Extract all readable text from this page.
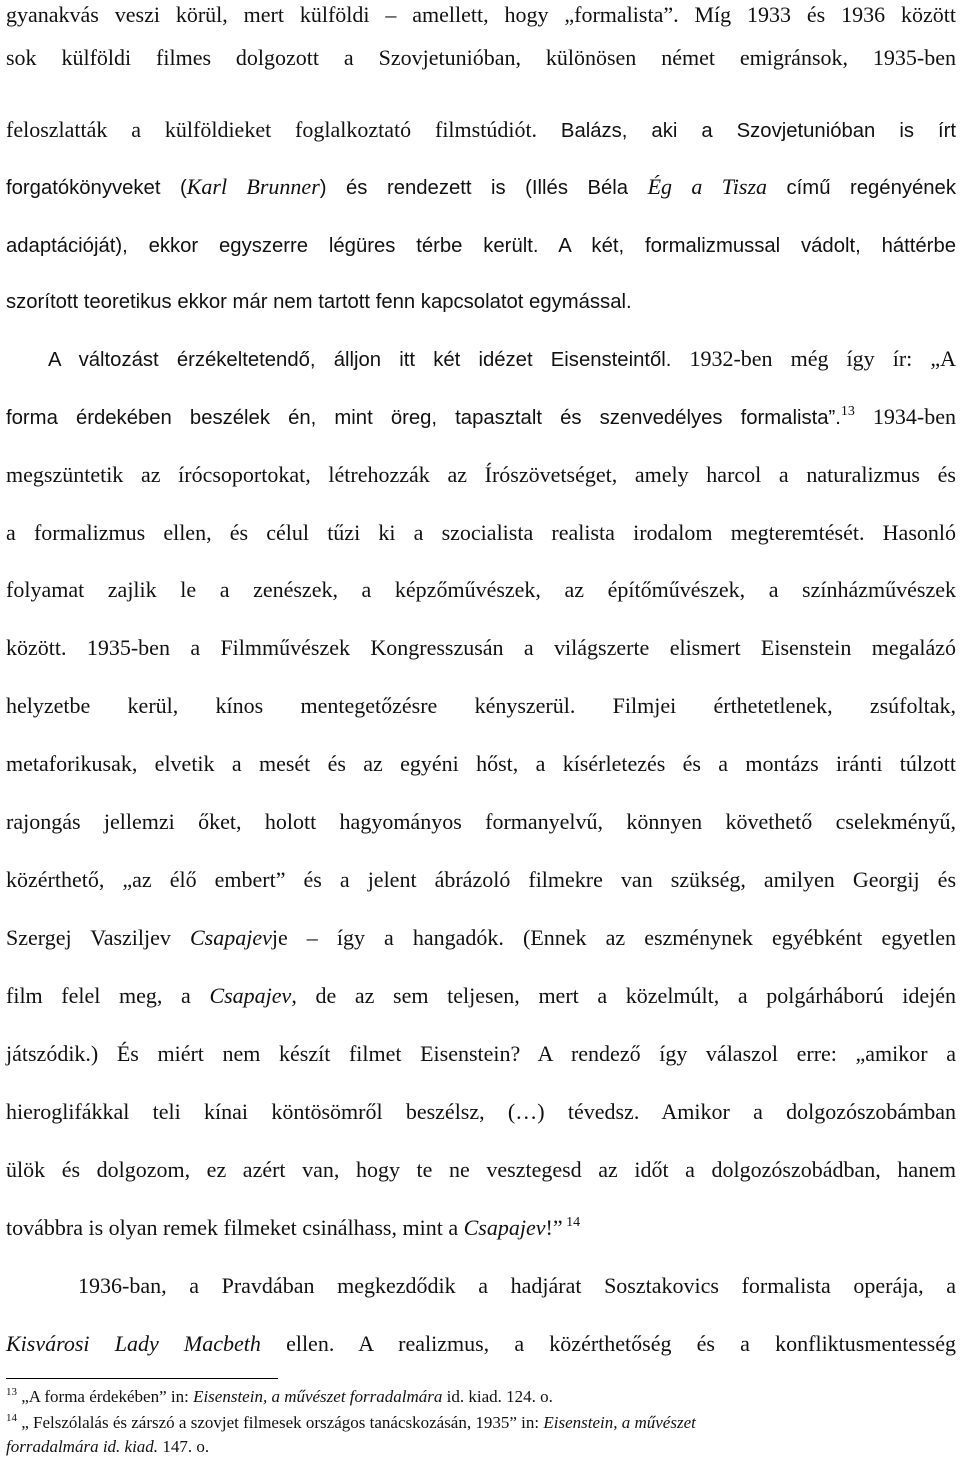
gyanakvás veszi körül, mert külföldi – amellett, hogy „formalista”. Míg 1933 és 1936 között
sok külföldi filmes dolgozott a Szovjetunióban, különösen német emigránsok, 1935-ben
feloszlatták a külföldieket foglalkoztató filmstúdiót. Balázs, aki a Szovjetunióban is írt
forgatókönyveket (Karl Brunner) és rendezett is (Illés Béla Ég a Tisza című regényének
adaptációját), ekkor egyszerre légüres térbe került. A két, formalizmussal vádolt, háttérbe
szorított teoretikus ekkor már nem tartott fenn kapcsolatot egymással.
A változást érzékeltetendő, álljon itt két idézet Eisensteintől. 1932-ben még így ír: „A
forma érdekében beszélek én, mint öreg, tapasztalt és szenvedélyes formalista”.$^{13}$ 1934-ben
megszüntetik az írócsoportokat, létrehozzák az Írószövetséget, amely harcol a naturalizmus és
a formalizmus ellen, és célul tűzi ki a szocialista realista irodalom megteremtését. Hasonló
folyamat zajlik le a zenészek, a képzőművészek, az építőművészek, a színházművészek
között. 1935-ben a Filmművészek Kongresszusán a világszerte elismert Eisenstein megalázó
helyzetbe kerül, kínos mentegetőzésre kényszerül. Filmjei érthetetlenek, zsúfoltak,
metaforikusak, elvetik a mesét és az egyéni hőst, a kísérletezés és a montázs iránti túlzott
rajongás jellemzi őket, holott hagyományos formanyelvű, könnyen követhető cselekményű,
közérthető, „az élő embert” és a jelent ábrázoló filmekre van szükség, amilyen Georgij és
Szergej Vasziljev Csapajevje – így a hangadók. (Ennek az eszménynek egyébként egyetlen
film felel meg, a Csapajev, de az sem teljesen, mert a közelmúlt, a polgárháború idején
játszódik.) És miért nem készít filmet Eisenstein? A rendező így válaszol erre: „amikor a
hieroglifákkal teli kínai köntösömről beszélsz, (…) tévedsz. Amikor a dolgozószobámban
ülök és dolgozom, ez azért van, hogy te ne vesztegesd az időt a dolgozószobádban, hanem
továbbra is olyan remek filmeket csinálhass, mint a Csapajev!” $^{14}$
1936-ban, a Pravdában megkezdődik a hadjárat Sosztakovics formalista operája, a
Kisvárosi Lady Macbeth ellen. A realizmus, a közérthetőség és a konfliktusmentesség
$^{13}$ „A forma érdekében” in: Eisenstein, a művészet forradalmára id. kiad. 124. o.
$^{14}$ „ Felszólalás és zárszó a szovjet filmesek országos tanácskozásán, 1935” in: Eisenstein, a művészet
forradalmára id. kiad. 147. o.
